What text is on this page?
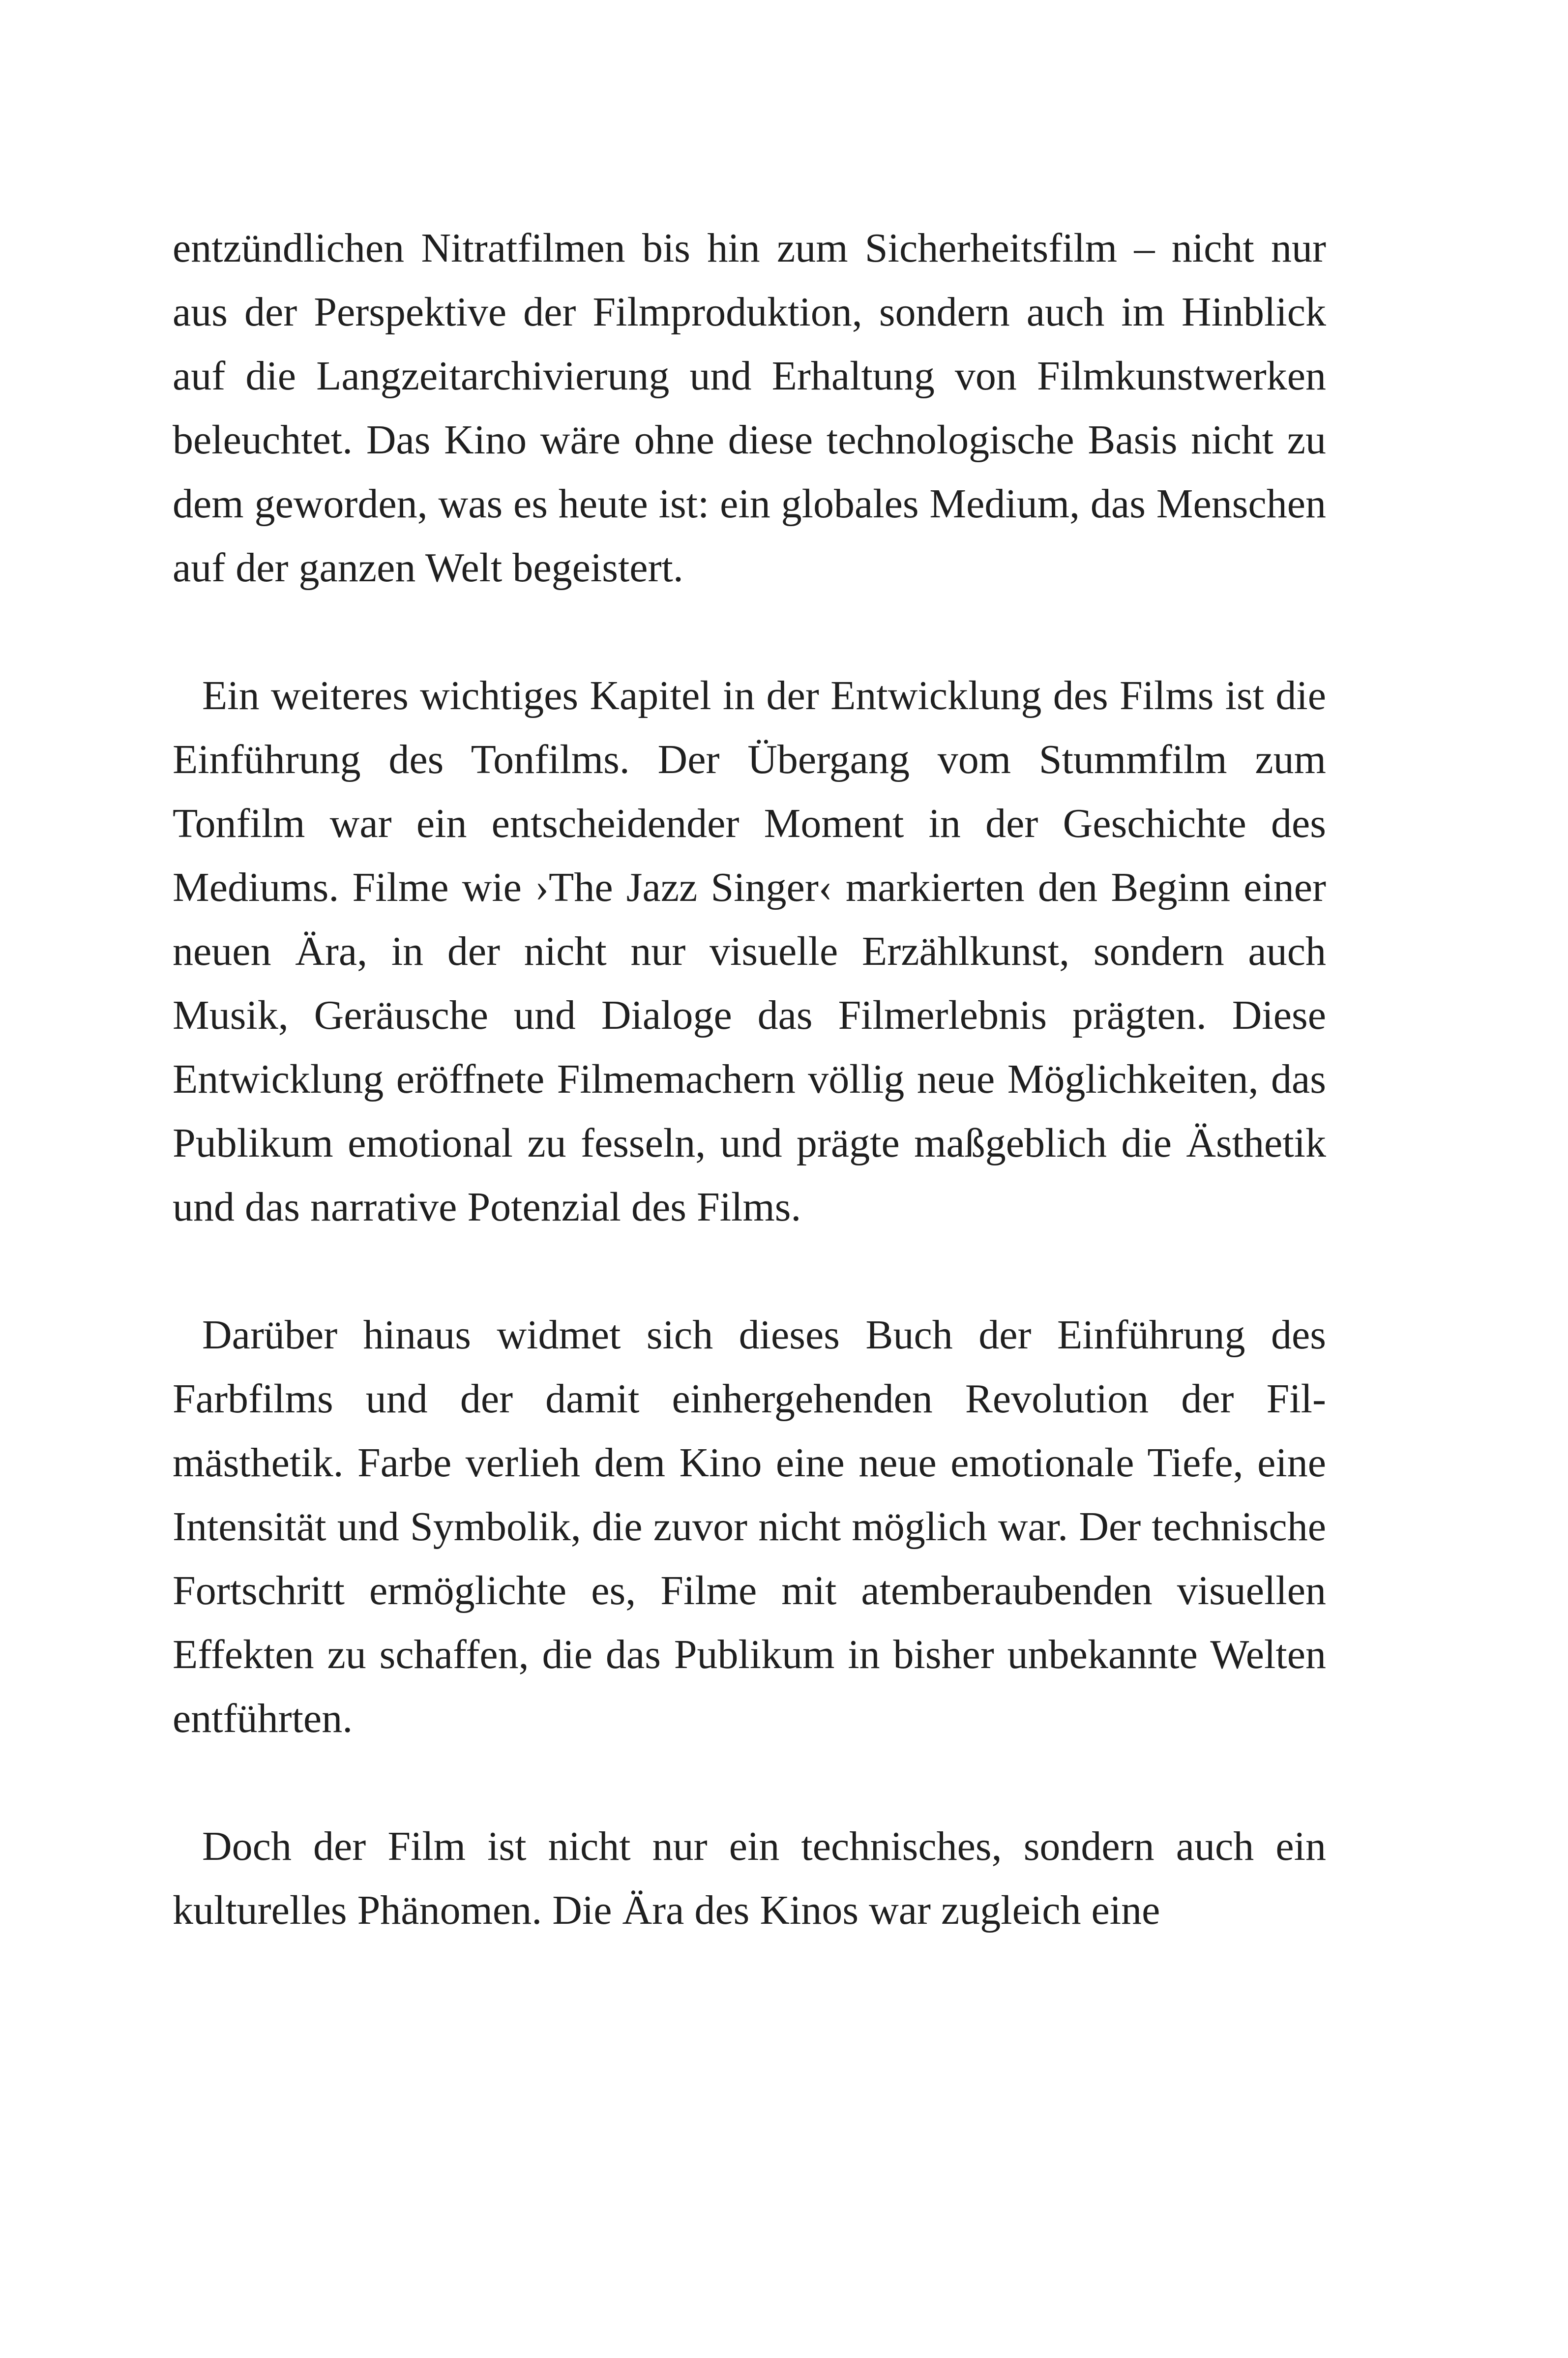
entzündlichen Nitratfilmen bis hin zum Sicherheitsfilm – nicht nur aus der Perspektive der Filmproduktion, sondern auch im Hinblick auf die Langzeitarchivierung und Erhaltung von Filmkunstwerken beleuchtet. Das Kino wäre ohne diese technologische Basis nicht zu dem geworden, was es heute ist: ein globales Medium, das Menschen auf der ganzen Welt begeistert.

Ein weiteres wichtiges Kapitel in der Entwicklung des Films ist die Einführung des Tonfilms. Der Übergang vom Stummfilm zum Tonfilm war ein entscheidender Moment in der Geschichte des Mediums. Filme wie ›The Jazz Singer‹ markierten den Beginn einer neuen Ära, in der nicht nur visuelle Erzählkunst, sondern auch Musik, Geräusche und Dialoge das Filmerlebnis prägten. Diese Entwicklung eröffnete Filmemachern völlig neue Möglichkeiten, das Publikum emotional zu fesseln, und prägte maßgeblich die Ästhetik und das narrative Potenzial des Films.

Darüber hinaus widmet sich dieses Buch der Einführung des Farbfilms und der damit einhergehenden Revolution der Filmästhetik. Farbe verlieh dem Kino eine neue emotionale Tiefe, eine Intensität und Symbolik, die zuvor nicht möglich war. Der technische Fortschritt ermöglichte es, Filme mit atemberaubenden visuellen Effekten zu schaffen, die das Publikum in bisher unbekannte Welten entführten.

Doch der Film ist nicht nur ein technisches, sondern auch ein kulturelles Phänomen. Die Ära des Kinos war zugleich eine
